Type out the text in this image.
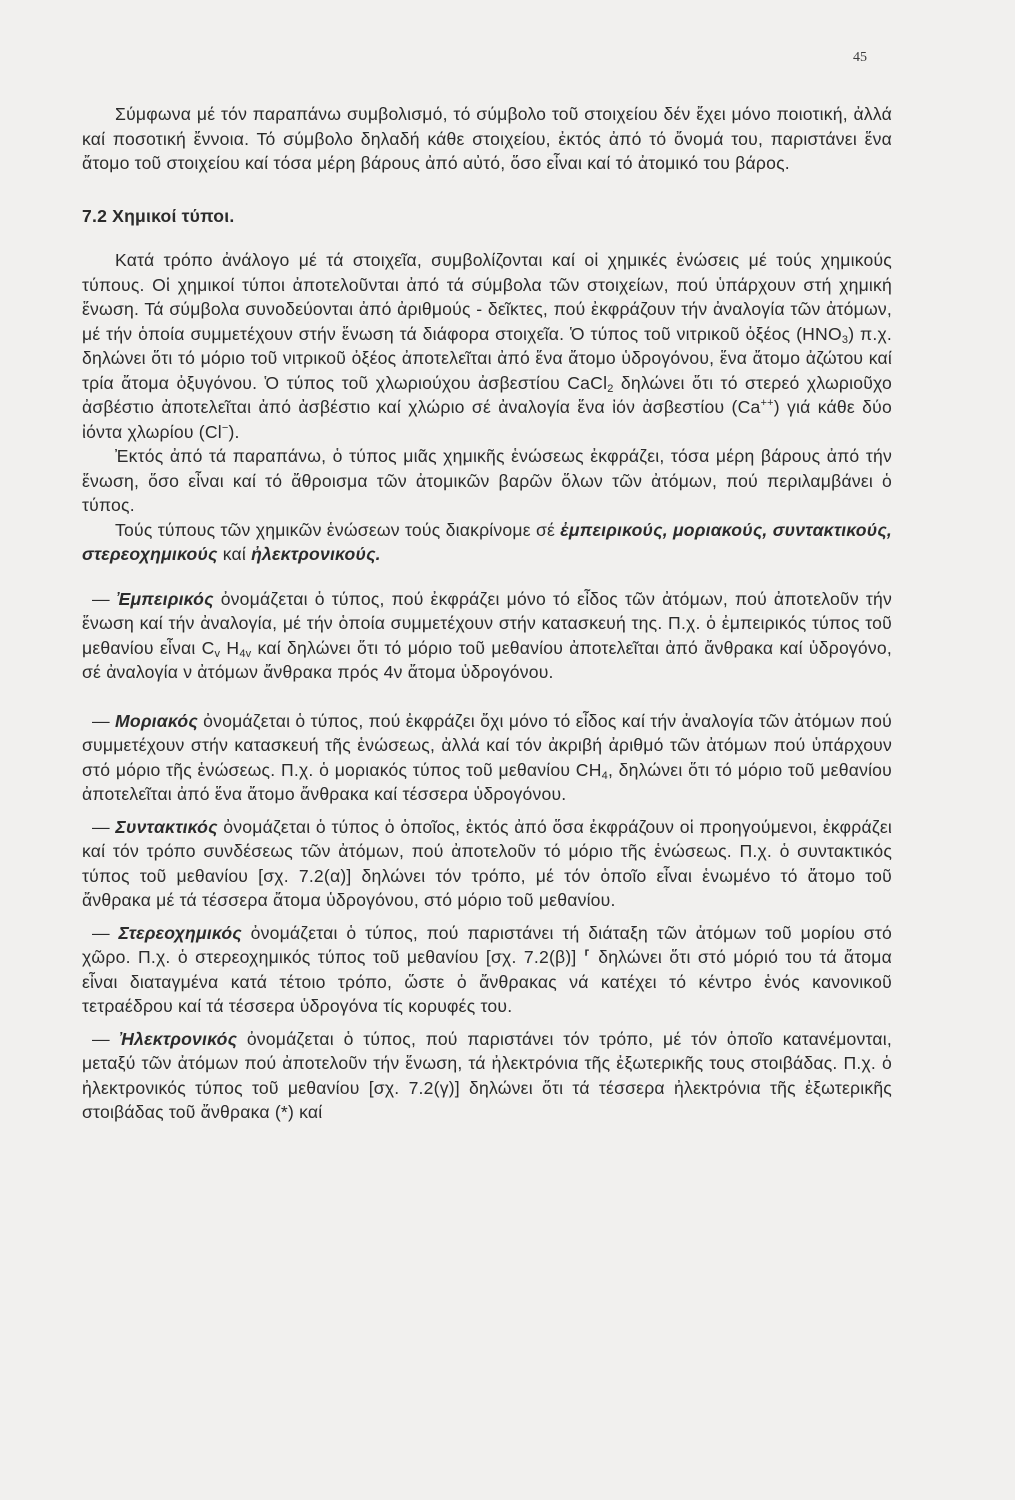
45

Σύμφωνα μέ τόν παραπάνω συμβολισμό, τό σύμβολο τοῦ στοιχείου δέν ἔχει μόνο ποιοτική, ἀλλά καί ποσοτική ἔννοια. Τό σύμβολο δηλαδή κάθε στοιχείου, ἐκτός ἀπό τό ὄνομά του, παριστάνει ἕνα ἄτομο τοῦ στοιχείου καί τόσα μέρη βάρους ἀπό αὐτό, ὅσο εἶναι καί τό ἀτομικό του βάρος.

7.2 Χημικοί τύποι.

Κατά τρόπο ἀνάλογο μέ τά στοιχεῖα, συμβολίζονται καί οἱ χημικές ἑνώσεις μέ τούς χημικούς τύπους. Οἱ χημικοί τύποι ἀποτελοῦνται ἀπό τά σύμβολα τῶν στοιχείων, πού ὑπάρχουν στή χημική ἕνωση. Τά σύμβολα συνοδεύονται ἀπό ἀριθμούς - δεῖκτες, πού ἐκφράζουν τήν ἀναλογία τῶν ἀτόμων, μέ τήν ὁποία συμμετέχουν στήν ἕνωση τά διάφορα στοιχεῖα. Ὁ τύπος τοῦ νιτρικοῦ ὀξέος $(HNO_3)$ π.χ. δηλώνει ὅτι τό μόριο τοῦ νιτρικοῦ ὀξέος ἀποτελεῖται ἀπό ἕνα ἄτομο ὑδρογόνου, ἕνα ἄτομο ἀζώτου καί τρία ἄτομα ὀξυγόνου. Ὁ τύπος τοῦ χλωριούχου ἀσβεστίου CaCl$_2$ δηλώνει ὅτι τό στερεό χλωριοῦχο ἀσβέστιο ἀποτελεῖται ἀπό ἀσβέστιο καί χλώριο σέ ἀναλογία ἕνα ἰόν ἀσβεστίου (Ca++) γιά κάθε δύο ἰόντα χλωρίου (Cl−).

Ἐκτός ἀπό τά παραπάνω, ὁ τύπος μιᾶς χημικῆς ἑνώσεως ἐκφράζει, τόσα μέρη βάρους ἀπό τήν ἕνωση, ὅσο εἶναι καί τό ἄθροισμα τῶν ἀτομικῶν βαρῶν ὅλων τῶν ἀτόμων, πού περιλαμβάνει ὁ τύπος.

Τούς τύπους τῶν χημικῶν ἑνώσεων τούς διακρίνομε σέ ἐμπειρικούς, μοριακούς, συντακτικούς, στερεοχημικούς καί ἠλεκτρονικούς.

— Ἐμπειρικός ὀνομάζεται ὁ τύπος, πού ἐκφράζει μόνο τό εἶδος τῶν ἀτόμων, πού ἀποτελοῦν τήν ἕνωση καί τήν ἀναλογία, μέ τήν ὁποία συμμετέχουν στήν κατασκευή της. Π.χ. ὁ ἐμπειρικός τύπος τοῦ μεθανίου εἶναι $C_v$ $H_{4v}$ καί δηλώνει ὅτι τό μόριο τοῦ μεθανίου ἀποτελεῖται ἀπό ἄνθρακα καί ὑδρογόνο, σέ ἀναλογία ν ἀτόμων ἄνθρακα πρός 4ν ἄτομα ὑδρογόνου.

— Μοριακός ὀνομάζεται ὁ τύπος, πού ἐκφράζει ὄχι μόνο τό εἶδος καί τήν ἀναλογία τῶν ἀτόμων πού συμμετέχουν στήν κατασκευή τῆς ἑνώσεως, ἀλλά καί τόν ἀκριβή ἀριθμό τῶν ἀτόμων πού ὑπάρχουν στό μόριο τῆς ἑνώσεως. Π.χ. ὁ μοριακός τύπος τοῦ μεθανίου $CH_4$, δηλώνει ὅτι τό μόριο τοῦ μεθανίου ἀποτελεῖται ἀπό ἕνα ἄτομο ἄνθρακα καί τέσσερα ὑδρογόνου.

— Συντακτικός ὀνομάζεται ὁ τύπος ὁ ὁποῖος, ἐκτός ἀπό ὅσα ἐκφράζουν οἱ προηγούμενοι, ἐκφράζει καί τόν τρόπο συνδέσεως τῶν ἀτόμων, πού ἀποτελοῦν τό μόριο τῆς ἑνώσεως. Π.χ. ὁ συντακτικός τύπος τοῦ μεθανίου [σχ. 7.2(α)] δηλώνει τόν τρόπο, μέ τόν ὁποῖο εἶναι ἑνωμένο τό ἄτομο τοῦ ἄνθρακα μέ τά τέσσερα ἄτομα ὑδρογόνου, στό μόριο τοῦ μεθανίου.

— Στερεοχημικός ὀνομάζεται ὁ τύπος, πού παριστάνει τή διάταξη τῶν ἀτόμων τοῦ μορίου στό χῶρο. Π.χ. ὁ στερεοχημικός τύπος τοῦ μεθανίου [σχ. 7.2(β)] ⸢ δηλώνει ὅτι στό μόριό του τά ἄτομα εἶναι διαταγμένα κατά τέτοιο τρόπο, ὥστε ὁ ἄνθρακας νά κατέχει τό κέντρο ἑνός κανονικοῦ τετραέδρου καί τά τέσσερα ὑδρογόνα τίς κορυφές του.

— Ἠλεκτρονικός ὀνομάζεται ὁ τύπος, πού παριστάνει τόν τρόπο, μέ τόν ὁποῖο κατανέμονται, μεταξύ τῶν ἀτόμων πού ἀποτελοῦν τήν ἕνωση, τά ἠλεκτρόνια τῆς ἐξωτερικῆς τους στοιβάδας. Π.χ. ὁ ἠλεκτρονικός τύπος τοῦ μεθανίου [σχ. 7.2(γ)] δηλώνει ὅτι τά τέσσερα ἠλεκτρόνια τῆς ἐξωτερικῆς στοιβάδας τοῦ ἄνθρακα (*) καί
